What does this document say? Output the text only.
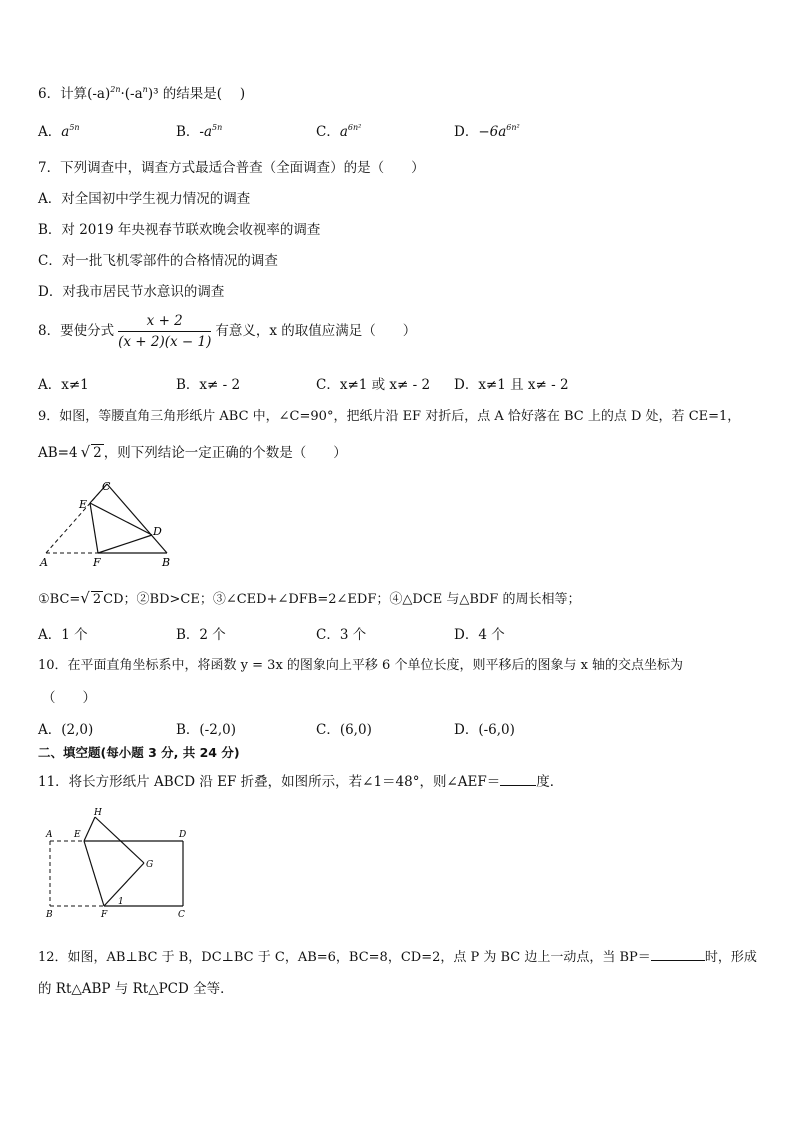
6．计算$(-a)^{2n}\cdot(-a^n)^3$ 的结果是(　 )
A．$a^{5n}$	B．$-a^{5n}$	C．$a^{6n^2}$	D．$-6a^{6n^2}$
7．下列调查中，调查方式最适合普查（全面调查）的是（　　）
A．对全国初中学生视力情况的调查
B．对 2019 年央视春节联欢晚会收视率的调查
C．对一批飞机零部件的合格情况的调查
D．对我市居民节水意识的调查
8．要使分式 $\frac{x + 2}{(x + 2)(x - 1)}$ 有意义，x 的取值应满足（　　）
A．x≠1	B．x≠ - 2	C．x≠1 或 x≠ - 2 D．x≠1 且 x≠ - 2
9．如图，等腰直角三角形纸片 ABC 中，∠C=90°，把纸片沿 EF 对折后，点 A 恰好落在 BC 上的点 D 处，若 CE=1，
AB=4 √ 2 ，则下列结论一定正确的个数是（　　）
C
E
D
A	F	B
①BC=√ 2 CD；②BD>CE；③∠CED+∠DFB=2∠EDF；④△DCE 与△BDF 的周长相等；
A．1 个	B．2 个	C．3 个	D．4 个
10．在平面直角坐标系中，将函数 y = 3x 的图象向上平移 6 个单位长度，则平移后的图象与 x 轴的交点坐标为
（　　）
A．(2,0)	B．(-2,0)	C．(6,0)	D．(-6,0)
二、填空题(每小题 3 分, 共 24 分)
11．将长方形纸片 ABCD 沿 EF 折叠，如图所示，若∠1＝48°，则∠AEF＝	度．
A E
H
D
G
B	F
1
C
12．如图，AB⊥BC 于 B，DC⊥BC 于 C，AB=6，BC=8，CD=2，点 P 为 BC 边上一动点，当 BP＝	时，形成
的 Rt△ABP 与 Rt△PCD 全等．
